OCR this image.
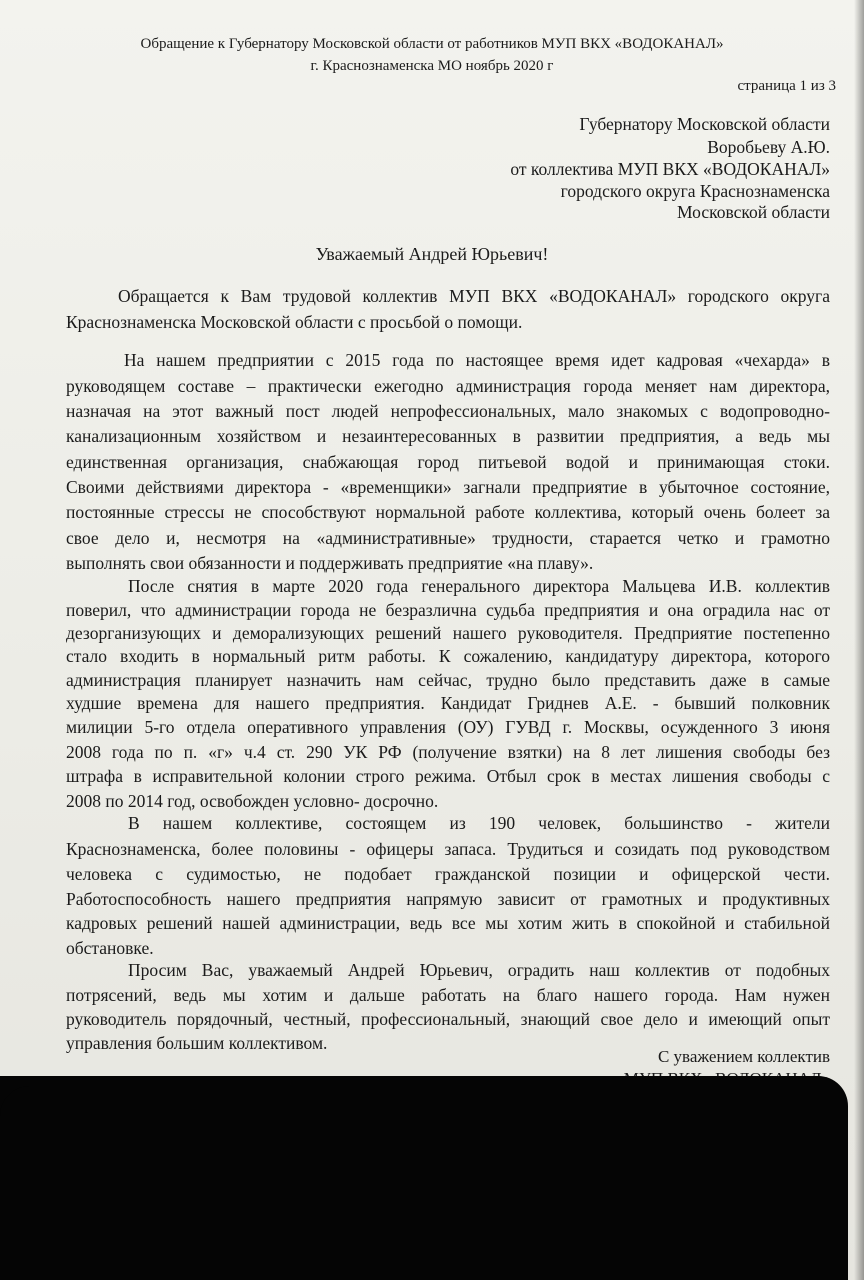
Обращение к Губернатору Московской области от работников МУП ВКХ «ВОДОКАНАЛ»
г. Краснознаменска МО ноябрь 2020 г
страница 1 из 3
Губернатору Московской области
Воробьеву А.Ю.
от коллектива МУП ВКХ «ВОДОКАНАЛ»
городского округа Краснознаменска
Московской области
Уважаемый Андрей Юрьевич!
Обращается к Вам трудовой коллектив МУП ВКХ «ВОДОКАНАЛ» городского округа
Краснознаменска Московской области с просьбой о помощи.
На нашем предприятии с 2015 года по настоящее время идет кадровая «чехарда» в
руководящем составе – практически ежегодно администрация города меняет нам директора,
назначая на этот важный пост людей непрофессиональных, мало знакомых с водопроводно-
канализационным хозяйством и незаинтересованных в развитии предприятия, а ведь мы
единственная организация, снабжающая город питьевой водой и принимающая стоки.
Своими действиями директора - «временщики» загнали предприятие в убыточное состояние,
постоянные стрессы не способствуют нормальной работе коллектива, который очень болеет за
свое дело и, несмотря на «административные» трудности, старается четко и грамотно
выполнять свои обязанности и поддерживать предприятие «на плаву».
После снятия в марте 2020 года генерального директора Мальцева И.В. коллектив
поверил, что администрации города не безразлична судьба предприятия и она оградила нас от
дезорганизующих и деморализующих решений нашего руководителя. Предприятие постепенно
стало входить в нормальный ритм работы. К сожалению, кандидатуру директора, которого
администрация планирует назначить нам сейчас, трудно было представить даже в самые
худшие времена для нашего предприятия. Кандидат Гриднев А.Е. - бывший полковник
милиции 5-го отдела оперативного управления (ОУ) ГУВД г. Москвы, осужденного 3 июня
2008 года по п. «г» ч.4 ст. 290 УК РФ (получение взятки) на 8 лет лишения свободы без
штрафа в исправительной колонии строго режима. Отбыл срок в местах лишения свободы с
2008 по 2014 год, освобожден условно- досрочно.
В нашем коллективе, состоящем из 190 человек, большинство - жители
Краснознаменска, более половины - офицеры запаса. Трудиться и созидать под руководством
человека с судимостью, не подобает гражданской позиции и офицерской чести.
Работоспособность нашего предприятия напрямую зависит от грамотных и продуктивных
кадровых решений нашей администрации, ведь все мы хотим жить в спокойной и стабильной
обстановке.
Просим Вас, уважаемый Андрей Юрьевич, оградить наш коллектив от подобных
потрясений, ведь мы хотим и дальше работать на благо нашего города. Нам нужен
руководитель порядочный, честный, профессиональный, знающий свое дело и имеющий опыт
управления большим коллективом.
С уважением коллектив
